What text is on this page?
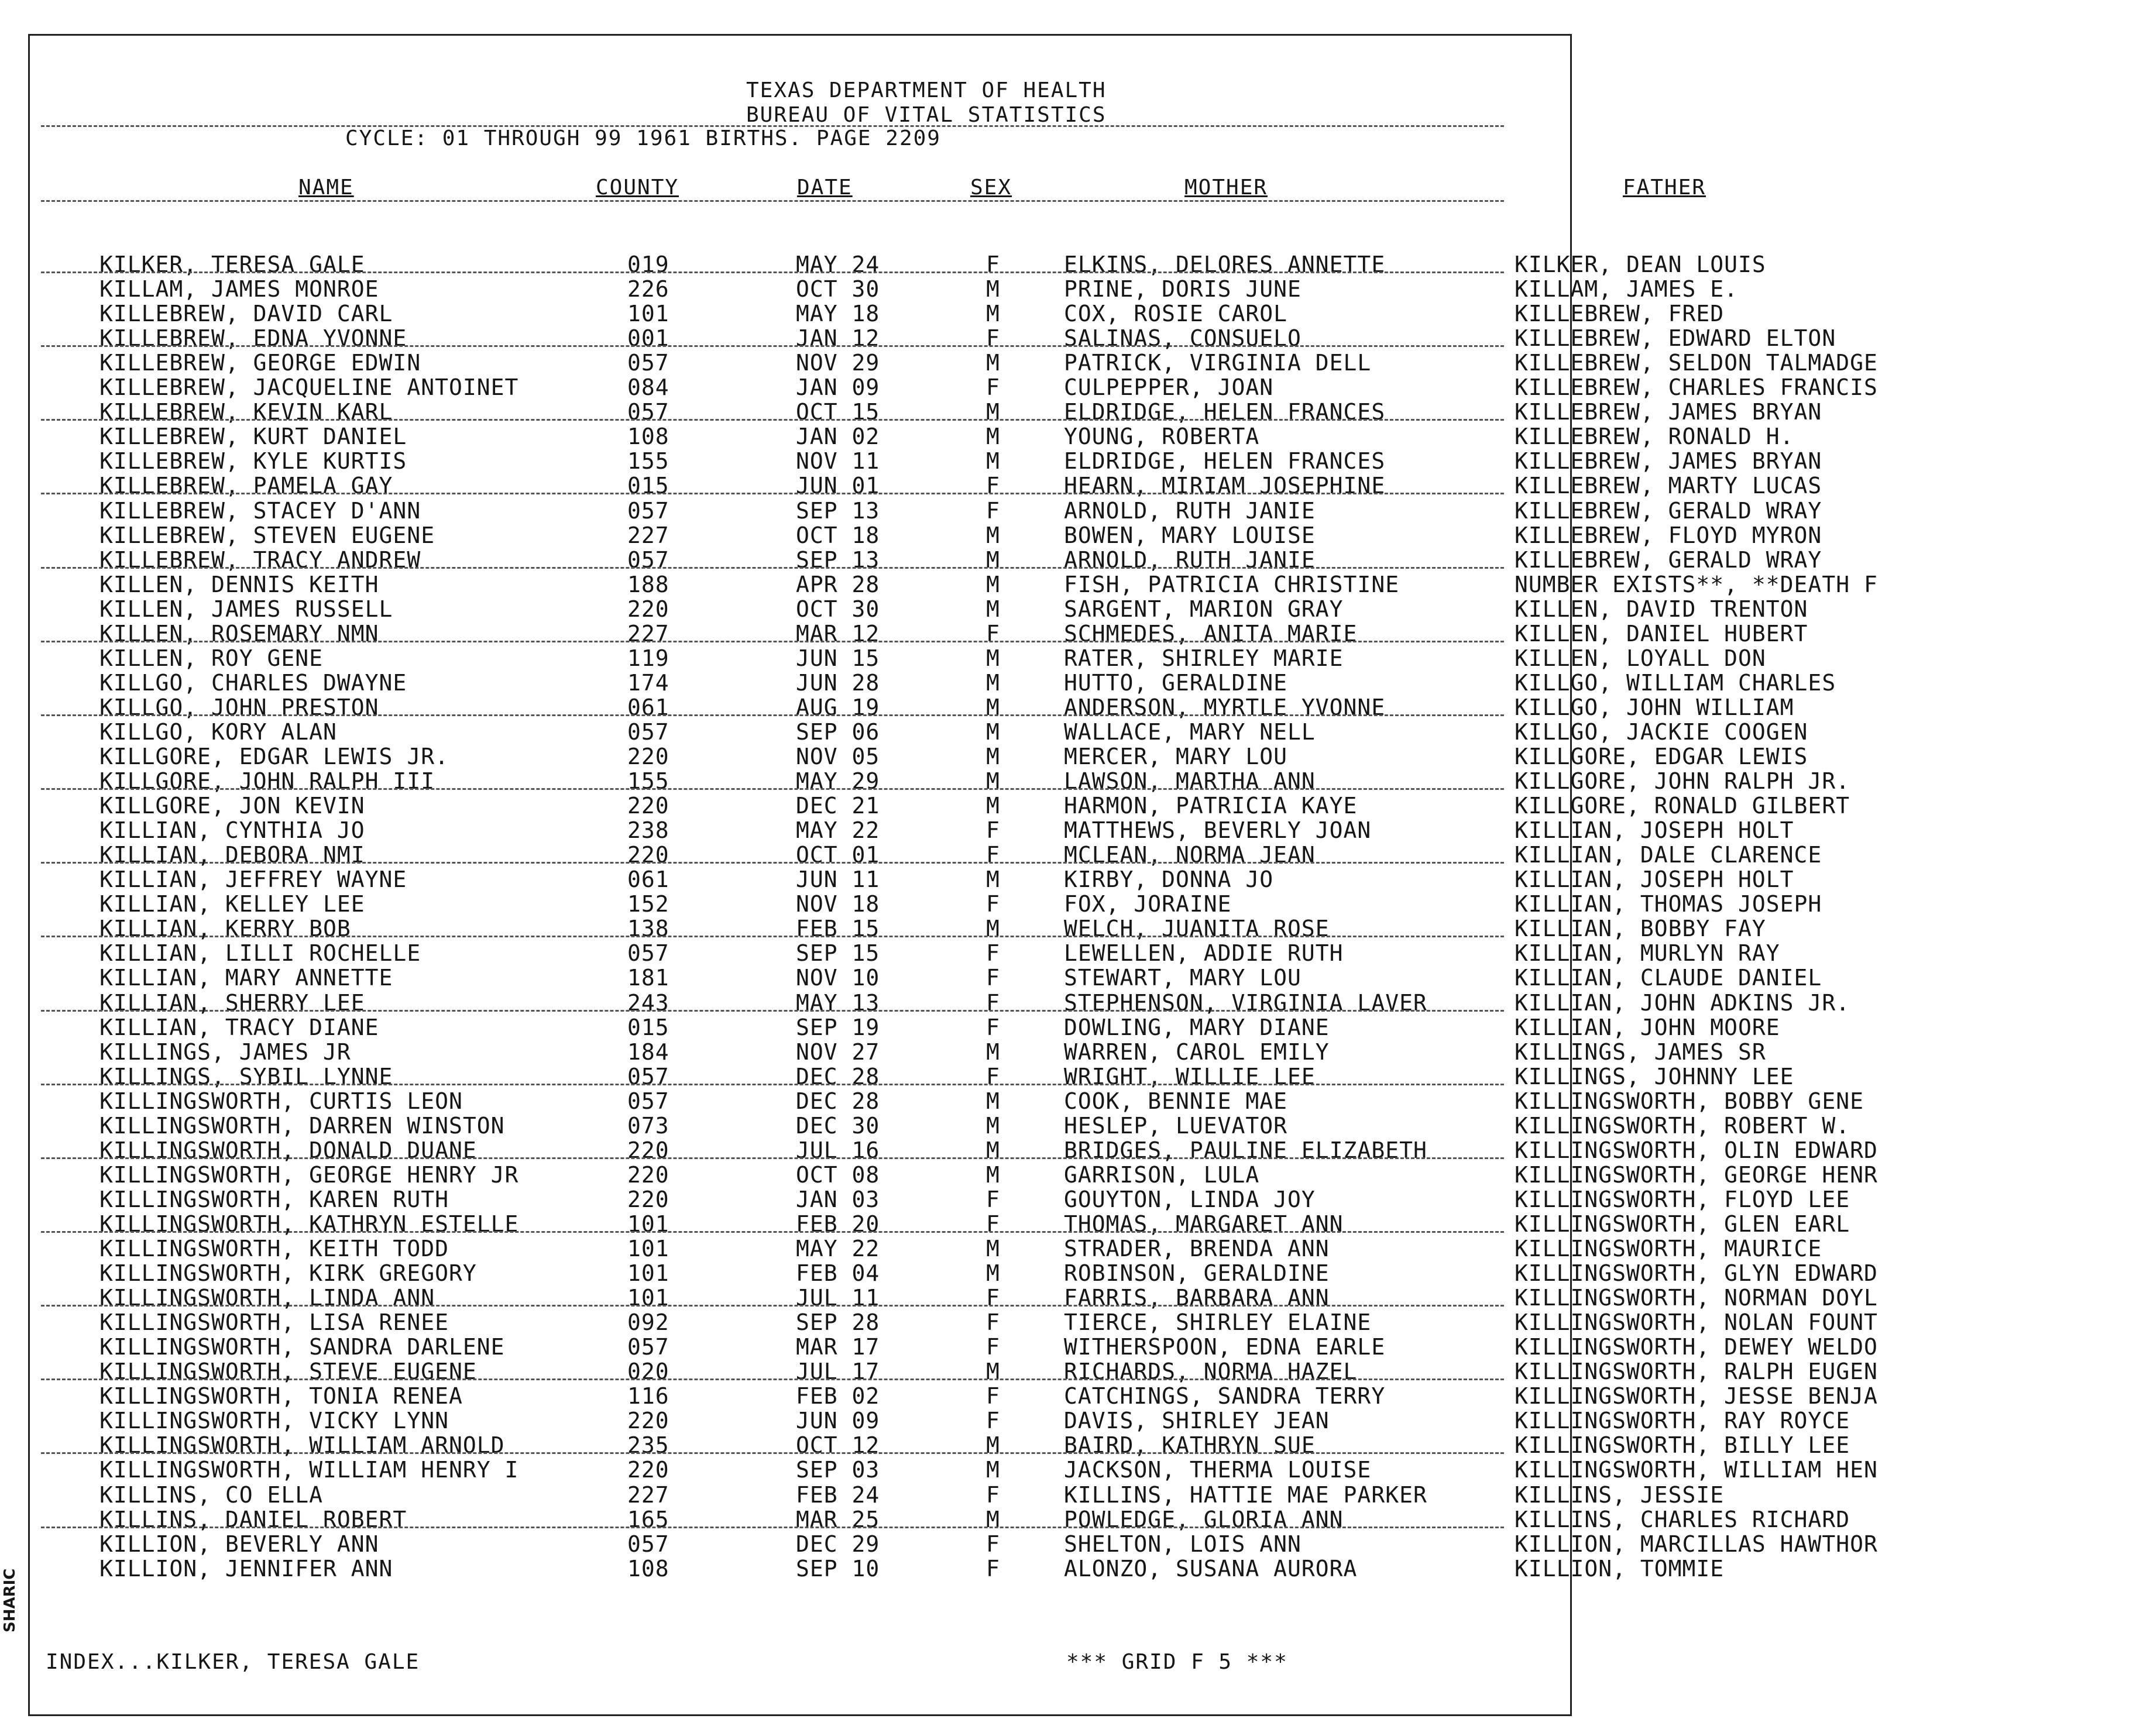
TEXAS DEPARTMENT OF HEALTH
BUREAU OF VITAL STATISTICS
CYCLE: 01 THROUGH 99 1961 BIRTHS. PAGE 2209
NAME	COUNTY	DATE	SEX	MOTHER	FATHER
KILKER, TERESA GALE	019	MAY 24	F	ELKINS, DELORES ANNETTE	KILKER, DEAN LOUIS
KILLAM, JAMES MONROE	226	OCT 30	M	PRINE, DORIS JUNE	KILLAM, JAMES E.
KILLEBREW, DAVID CARL	101	MAY 18	M	COX, ROSIE CAROL	KILLEBREW, FRED
KILLEBREW, EDNA YVONNE	001	JAN 12	F	SALINAS, CONSUELO	KILLEBREW, EDWARD ELTON
KILLEBREW, GEORGE EDWIN	057	NOV 29	M	PATRICK, VIRGINIA DELL	KILLEBREW, SELDON TALMADGE
KILLEBREW, JACQUELINE ANTOINET	084	JAN 09	F	CULPEPPER, JOAN	KILLEBREW, CHARLES FRANCIS
KILLEBREW, KEVIN KARL	057	OCT 15	M	ELDRIDGE, HELEN FRANCES	KILLEBREW, JAMES BRYAN
KILLEBREW, KURT DANIEL	108	JAN 02	M	YOUNG, ROBERTA	KILLEBREW, RONALD H.
KILLEBREW, KYLE KURTIS	155	NOV 11	M	ELDRIDGE, HELEN FRANCES	KILLEBREW, JAMES BRYAN
KILLEBREW, PAMELA GAY	015	JUN 01	F	HEARN, MIRIAM JOSEPHINE	KILLEBREW, MARTY LUCAS
KILLEBREW, STACEY D'ANN	057	SEP 13	F	ARNOLD, RUTH JANIE	KILLEBREW, GERALD WRAY
KILLEBREW, STEVEN EUGENE	227	OCT 18	M	BOWEN, MARY LOUISE	KILLEBREW, FLOYD MYRON
KILLEBREW, TRACY ANDREW	057	SEP 13	M	ARNOLD, RUTH JANIE	KILLEBREW, GERALD WRAY
KILLEN, DENNIS KEITH	188	APR 28	M	FISH, PATRICIA CHRISTINE	NUMBER EXISTS**, **DEATH F
KILLEN, JAMES RUSSELL	220	OCT 30	M	SARGENT, MARION GRAY	KILLEN, DAVID TRENTON
KILLEN, ROSEMARY NMN	227	MAR 12	F	SCHMEDES, ANITA MARIE	KILLEN, DANIEL HUBERT
KILLEN, ROY GENE	119	JUN 15	M	RATER, SHIRLEY MARIE	KILLEN, LOYALL DON
KILLGO, CHARLES DWAYNE	174	JUN 28	M	HUTTO, GERALDINE	KILLGO, WILLIAM CHARLES
KILLGO, JOHN PRESTON	061	AUG 19	M	ANDERSON, MYRTLE YVONNE	KILLGO, JOHN WILLIAM
KILLGO, KORY ALAN	057	SEP 06	M	WALLACE, MARY NELL	KILLGO, JACKIE COOGEN
KILLGORE, EDGAR LEWIS JR.	220	NOV 05	M	MERCER, MARY LOU	KILLGORE, EDGAR LEWIS
KILLGORE, JOHN RALPH III	155	MAY 29	M	LAWSON, MARTHA ANN	KILLGORE, JOHN RALPH JR.
KILLGORE, JON KEVIN	220	DEC 21	M	HARMON, PATRICIA KAYE	KILLGORE, RONALD GILBERT
KILLIAN, CYNTHIA JO	238	MAY 22	F	MATTHEWS, BEVERLY JOAN	KILLIAN, JOSEPH HOLT
KILLIAN, DEBORA NMI	220	OCT 01	F	MCLEAN, NORMA JEAN	KILLIAN, DALE CLARENCE
KILLIAN, JEFFREY WAYNE	061	JUN 11	M	KIRBY, DONNA JO	KILLIAN, JOSEPH HOLT
KILLIAN, KELLEY LEE	152	NOV 18	F	FOX, JORAINE	KILLIAN, THOMAS JOSEPH
KILLIAN, KERRY BOB	138	FEB 15	M	WELCH, JUANITA ROSE	KILLIAN, BOBBY FAY
KILLIAN, LILLI ROCHELLE	057	SEP 15	F	LEWELLEN, ADDIE RUTH	KILLIAN, MURLYN RAY
KILLIAN, MARY ANNETTE	181	NOV 10	F	STEWART, MARY LOU	KILLIAN, CLAUDE DANIEL
KILLIAN, SHERRY LEE	243	MAY 13	F	STEPHENSON, VIRGINIA LAVER	KILLIAN, JOHN ADKINS JR.
KILLIAN, TRACY DIANE	015	SEP 19	F	DOWLING, MARY DIANE	KILLIAN, JOHN MOORE
KILLINGS, JAMES JR	184	NOV 27	M	WARREN, CAROL EMILY	KILLINGS, JAMES SR
KILLINGS, SYBIL LYNNE	057	DEC 28	F	WRIGHT, WILLIE LEE	KILLINGS, JOHNNY LEE
KILLINGSWORTH, CURTIS LEON	057	DEC 28	M	COOK, BENNIE MAE	KILLINGSWORTH, BOBBY GENE
KILLINGSWORTH, DARREN WINSTON	073	DEC 30	M	HESLEP, LUEVATOR	KILLINGSWORTH, ROBERT W.
KILLINGSWORTH, DONALD DUANE	220	JUL 16	M	BRIDGES, PAULINE ELIZABETH	KILLINGSWORTH, OLIN EDWARD
KILLINGSWORTH, GEORGE HENRY JR	220	OCT 08	M	GARRISON, LULA	KILLINGSWORTH, GEORGE HENR
KILLINGSWORTH, KAREN RUTH	220	JAN 03	F	GOUYTON, LINDA JOY	KILLINGSWORTH, FLOYD LEE
KILLINGSWORTH, KATHRYN ESTELLE	101	FEB 20	F	THOMAS, MARGARET ANN	KILLINGSWORTH, GLEN EARL
KILLINGSWORTH, KEITH TODD	101	MAY 22	M	STRADER, BRENDA ANN	KILLINGSWORTH, MAURICE
KILLINGSWORTH, KIRK GREGORY	101	FEB 04	M	ROBINSON, GERALDINE	KILLINGSWORTH, GLYN EDWARD
KILLINGSWORTH, LINDA ANN	101	JUL 11	F	FARRIS, BARBARA ANN	KILLINGSWORTH, NORMAN DOYL
KILLINGSWORTH, LISA RENEE	092	SEP 28	F	TIERCE, SHIRLEY ELAINE	KILLINGSWORTH, NOLAN FOUNT
KILLINGSWORTH, SANDRA DARLENE	057	MAR 17	F	WITHERSPOON, EDNA EARLE	KILLINGSWORTH, DEWEY WELDO
KILLINGSWORTH, STEVE EUGENE	020	JUL 17	M	RICHARDS, NORMA HAZEL	KILLINGSWORTH, RALPH EUGEN
KILLINGSWORTH, TONIA RENEA	116	FEB 02	F	CATCHINGS, SANDRA TERRY	KILLINGSWORTH, JESSE BENJA
KILLINGSWORTH, VICKY LYNN	220	JUN 09	F	DAVIS, SHIRLEY JEAN	KILLINGSWORTH, RAY ROYCE
KILLINGSWORTH, WILLIAM ARNOLD	235	OCT 12	M	BAIRD, KATHRYN SUE	KILLINGSWORTH, BILLY LEE
KILLINGSWORTH, WILLIAM HENRY I	220	SEP 03	M	JACKSON, THERMA LOUISE	KILLINGSWORTH, WILLIAM HEN
KILLINS, CO ELLA	227	FEB 24	F	KILLINS, HATTIE MAE PARKER	KILLINS, JESSIE
KILLINS, DANIEL ROBERT	165	MAR 25	M	POWLEDGE, GLORIA ANN	KILLINS, CHARLES RICHARD
KILLION, BEVERLY ANN	057	DEC 29	F	SHELTON, LOIS ANN	KILLION, MARCILLAS HAWTHOR
KILLION, JENNIFER ANN	108	SEP 10	F	ALONZO, SUSANA AURORA	KILLION, TOMMIE
INDEX...KILKER, TERESA GALE	*** GRID F 5 ***
SHARIC
